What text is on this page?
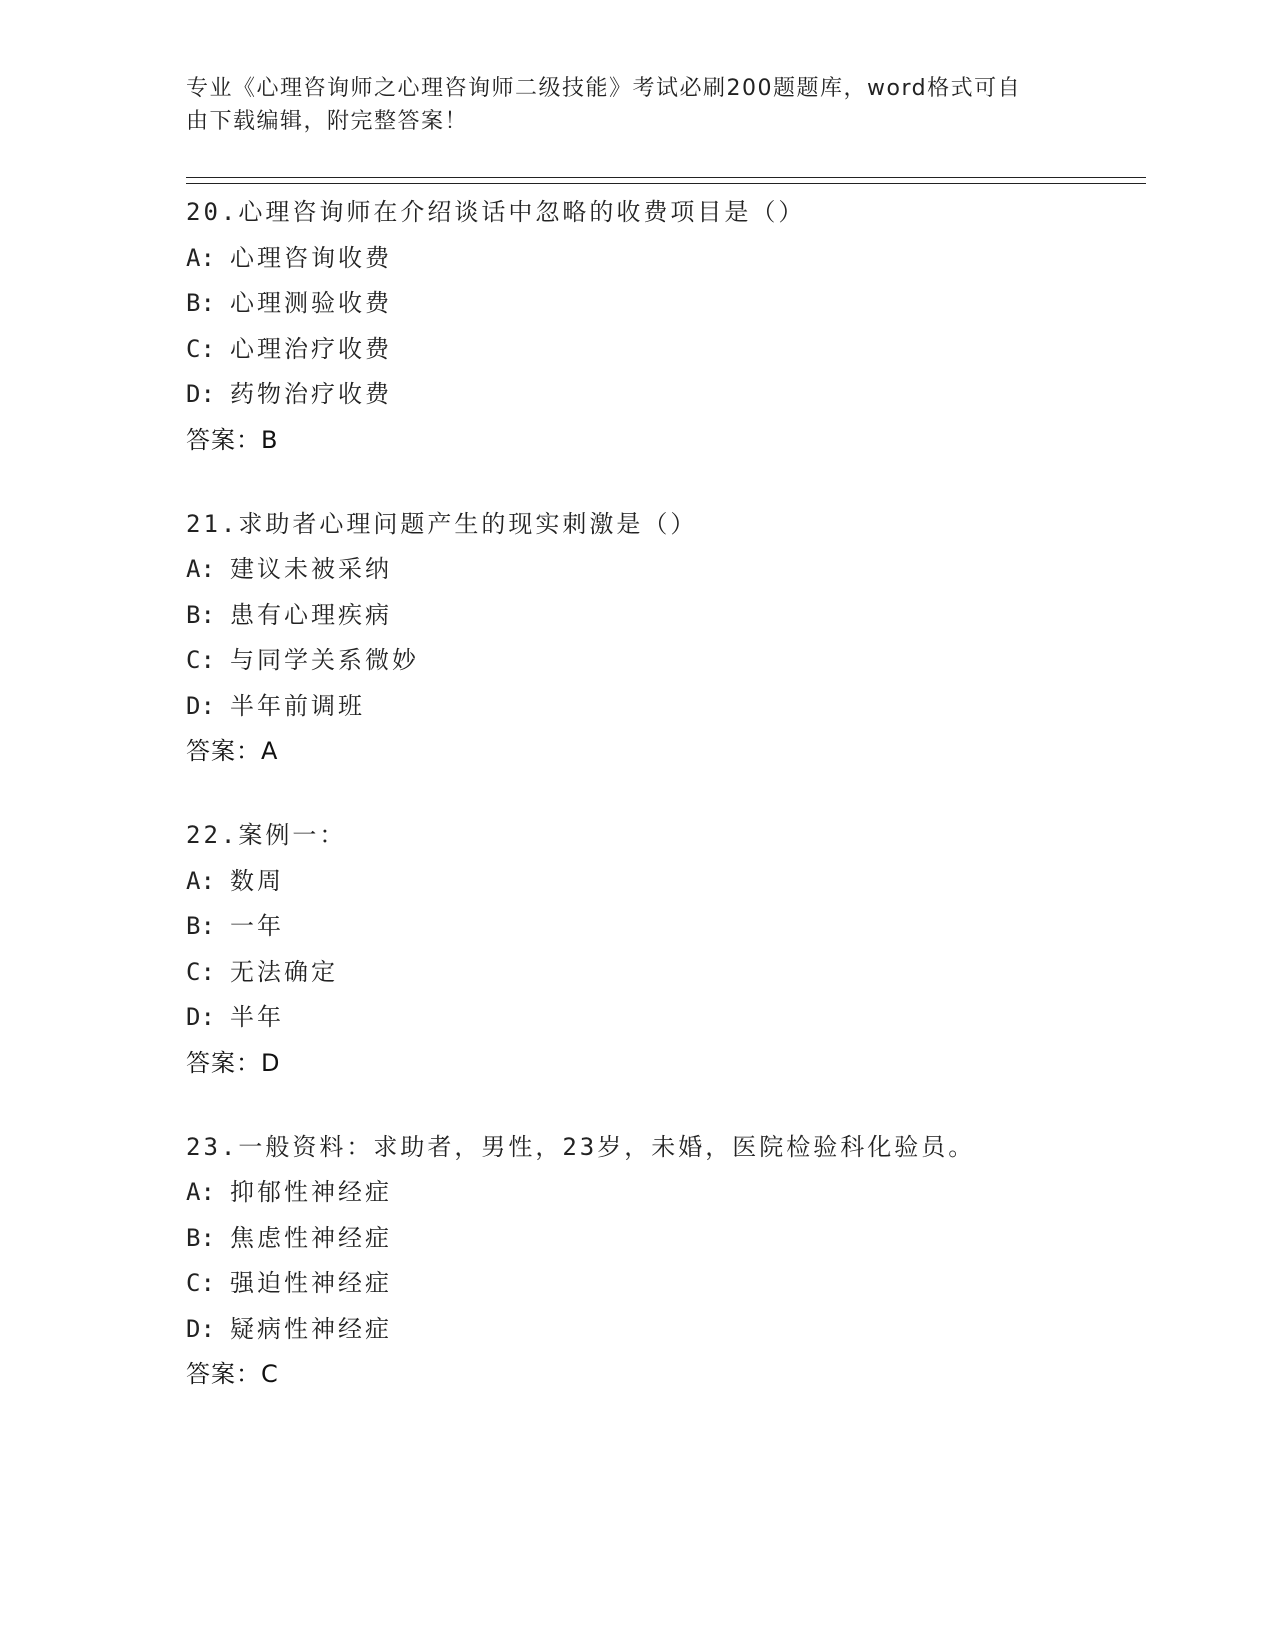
专业《心理咨询师之心理咨询师二级技能》考试必刷200题题库，word格式可自
由下载编辑，附完整答案！
20.心理咨询师在介绍谈话中忽略的收费项目是（）
A: 心理咨询收费
B: 心理测验收费
C: 心理治疗收费
D: 药物治疗收费
答案：B
21.求助者心理问题产生的现实刺激是（）
A: 建议未被采纳
B: 患有心理疾病
C: 与同学关系微妙
D: 半年前调班
答案：A
22.案例一：
A: 数周
B: 一年
C: 无法确定
D: 半年
答案：D
23.一般资料：求助者，男性，23岁，未婚，医院检验科化验员。
A: 抑郁性神经症
B: 焦虑性神经症
C: 强迫性神经症
D: 疑病性神经症
答案：C
